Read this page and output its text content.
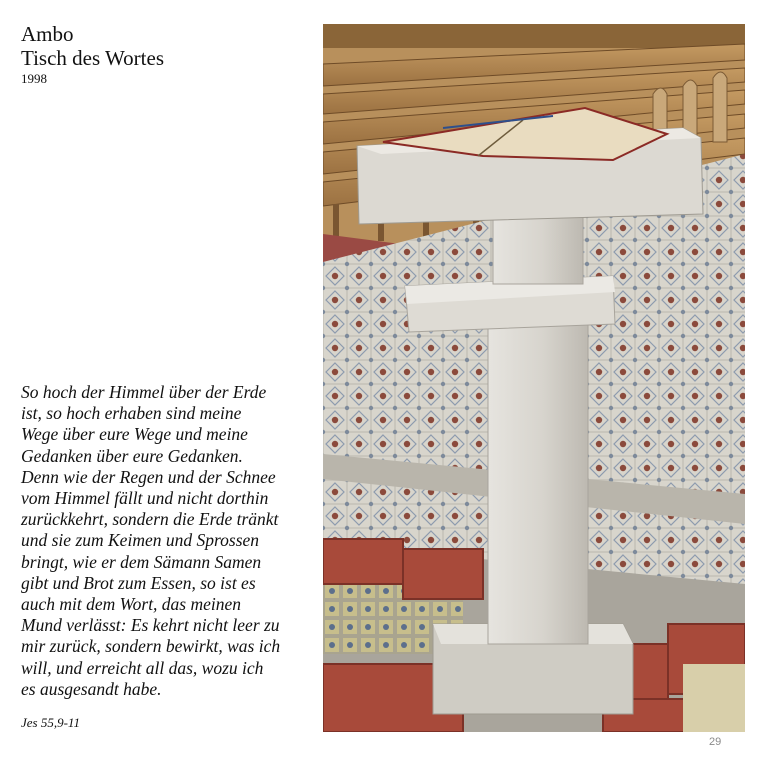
Ambo
Tisch des Wortes
1998

So hoch der Himmel über der Erde
ist, so hoch erhaben sind meine
Wege über eure Wege und meine
Gedanken über eure Gedanken.
Denn wie der Regen und der Schnee
vom Himmel fällt und nicht dorthin
zurückkehrt, sondern die Erde tränkt
und sie zum Keimen und Sprossen
bringt, wie er dem Sämann Samen
gibt und Brot zum Essen, so ist es
auch mit dem Wort, das meinen
Mund verlässt: Es kehrt nicht leer zu
mir zurück, sondern bewirkt, was ich
will, und erreicht all das, wozu ich
es ausgesandt habe.

Jes 55,9-11
29
